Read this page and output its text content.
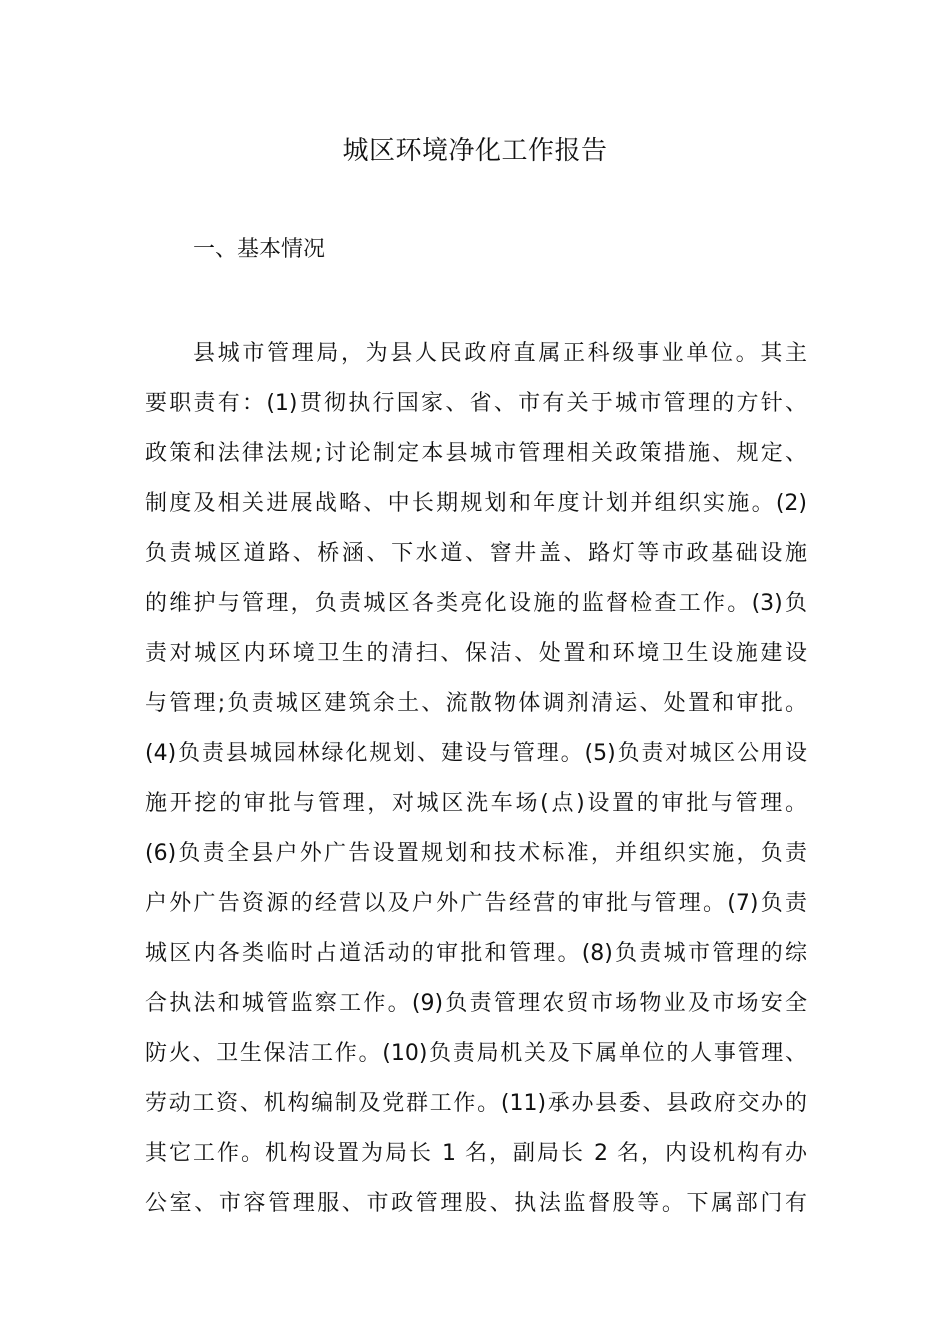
城区环境净化工作报告
一、基本情况
县城市管理局，为县人民政府直属正科级事业单位。其主
要职责有：(1)贯彻执行国家、省、市有关于城市管理的方针、
政策和法律法规;讨论制定本县城市管理相关政策措施、规定、
制度及相关进展战略、中长期规划和年度计划并组织实施。(2)
负责城区道路、桥涵、下水道、窨井盖、路灯等市政基础设施
的维护与管理，负责城区各类亮化设施的监督检查工作。(3)负
责对城区内环境卫生的清扫、保洁、处置和环境卫生设施建设
与管理;负责城区建筑余土、流散物体调剂清运、处置和审批。
(4)负责县城园林绿化规划、建设与管理。(5)负责对城区公用设
施开挖的审批与管理，对城区洗车场(点)设置的审批与管理。
(6)负责全县户外广告设置规划和技术标准，并组织实施，负责
户外广告资源的经营以及户外广告经营的审批与管理。(7)负责
城区内各类临时占道活动的审批和管理。(8)负责城市管理的综
合执法和城管监察工作。(9)负责管理农贸市场物业及市场安全
防火、卫生保洁工作。(10)负责局机关及下属单位的人事管理、
劳动工资、机构编制及党群工作。(11)承办县委、县政府交办的
其它工作。机构设置为局长 1 名，副局长 2 名，内设机构有办
公室、市容管理服、市政管理股、执法监督股等。下属部门有
